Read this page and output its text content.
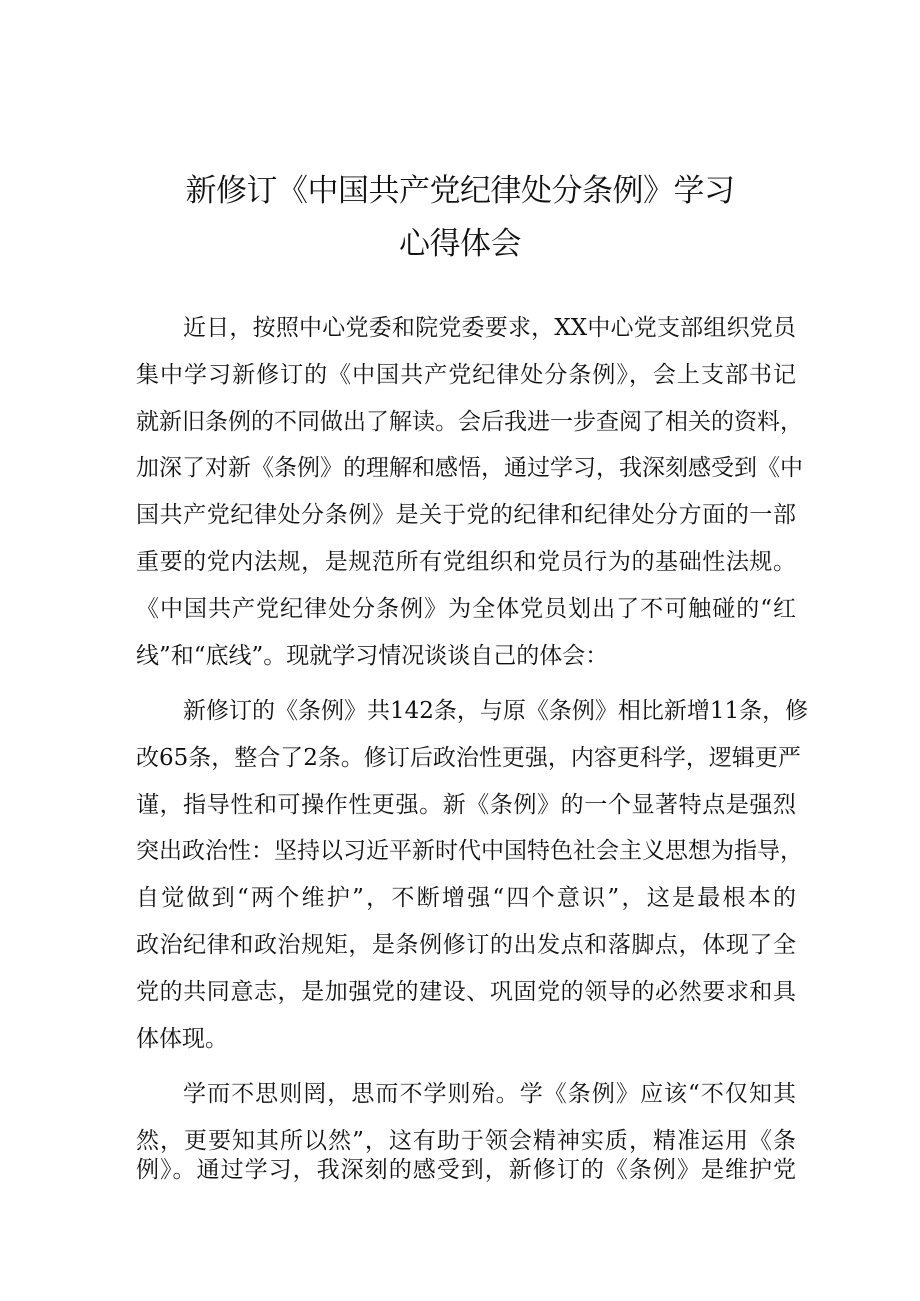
新修订《中国共产党纪律处分条例》学习
心得体会

近日，按照中心党委和院党委要求，XX中心党支部组织党员

集中学习新修订的《中国共产党纪律处分条例》，会上支部书记

就新旧条例的不同做出了解读。会后我进一步查阅了相关的资料，

加深了对新《条例》的理解和感悟，通过学习，我深刻感受到《中

国共产党纪律处分条例》是关于党的纪律和纪律处分方面的一部

重要的党内法规，是规范所有党组织和党员行为的基础性法规。

《中国共产党纪律处分条例》为全体党员划出了不可触碰的“红

线”和“底线”。现就学习情况谈谈自己的体会：

新修订的《条例》共142条，与原《条例》相比新增11条，修

改65条，整合了2条。修订后政治性更强，内容更科学，逻辑更严

谨，指导性和可操作性更强。新《条例》的一个显著特点是强烈

突出政治性：坚持以习近平新时代中国特色社会主义思想为指导，

自觉做到“两个维护”，不断增强“四个意识”，这是最根本的

政治纪律和政治规矩，是条例修订的出发点和落脚点，体现了全

党的共同意志，是加强党的建设、巩固党的领导的必然要求和具

体体现。

学而不思则罔，思而不学则殆。学《条例》应该“不仅知其

然，更要知其所以然”，这有助于领会精神实质，精准运用《条

例》。通过学习，我深刻的感受到，新修订的《条例》是维护党
